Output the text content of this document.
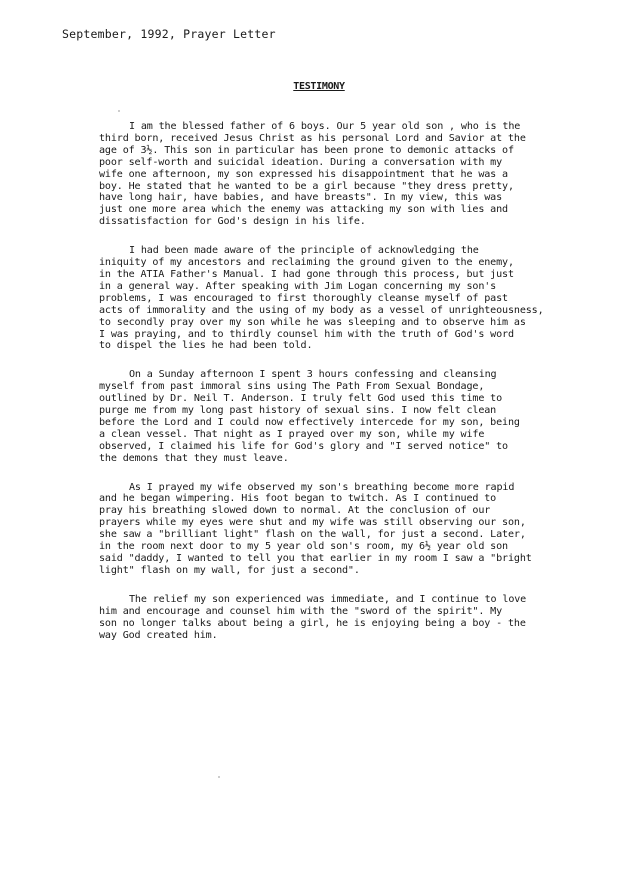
September, 1992, Prayer Letter
TESTIMONY
I am the blessed father of 6 boys. Our 5 year old son , who is the
third born, received Jesus Christ as his personal Lord and Savior at the
age of 3½. This son in particular has been prone to demonic attacks of
poor self-worth and suicidal ideation. During a conversation with my
wife one afternoon, my son expressed his disappointment that he was a
boy. He stated that he wanted to be a girl because "they dress pretty,
have long hair, have babies, and have breasts". In my view, this was
just one more area which the enemy was attacking my son with lies and
dissatisfaction for God's design in his life.
I had been made aware of the principle of acknowledging the
iniquity of my ancestors and reclaiming the ground given to the enemy,
in the ATIA Father's Manual. I had gone through this process, but just
in a general way. After speaking with Jim Logan concerning my son's
problems, I was encouraged to first thoroughly cleanse myself of past
acts of immorality and the using of my body as a vessel of unrighteousness,
to secondly pray over my son while he was sleeping and to observe him as
I was praying, and to thirdly counsel him with the truth of God's word
to dispel the lies he had been told.
On a Sunday afternoon I spent 3 hours confessing and cleansing
myself from past immoral sins using The Path From Sexual Bondage,
outlined by Dr. Neil T. Anderson. I truly felt God used this time to
purge me from my long past history of sexual sins. I now felt clean
before the Lord and I could now effectively intercede for my son, being
a clean vessel. That night as I prayed over my son, while my wife
observed, I claimed his life for God's glory and "I served notice" to
the demons that they must leave.
As I prayed my wife observed my son's breathing become more rapid
and he began wimpering. His foot began to twitch. As I continued to
pray his breathing slowed down to normal. At the conclusion of our
prayers while my eyes were shut and my wife was still observing our son,
she saw a "brilliant light" flash on the wall, for just a second. Later,
in the room next door to my 5 year old son's room, my 6½ year old son
said "daddy, I wanted to tell you that earlier in my room I saw a "bright
light" flash on my wall, for just a second".
The relief my son experienced was immediate, and I continue to love
him and encourage and counsel him with the "sword of the spirit". My
son no longer talks about being a girl, he is enjoying being a boy - the
way God created him.
